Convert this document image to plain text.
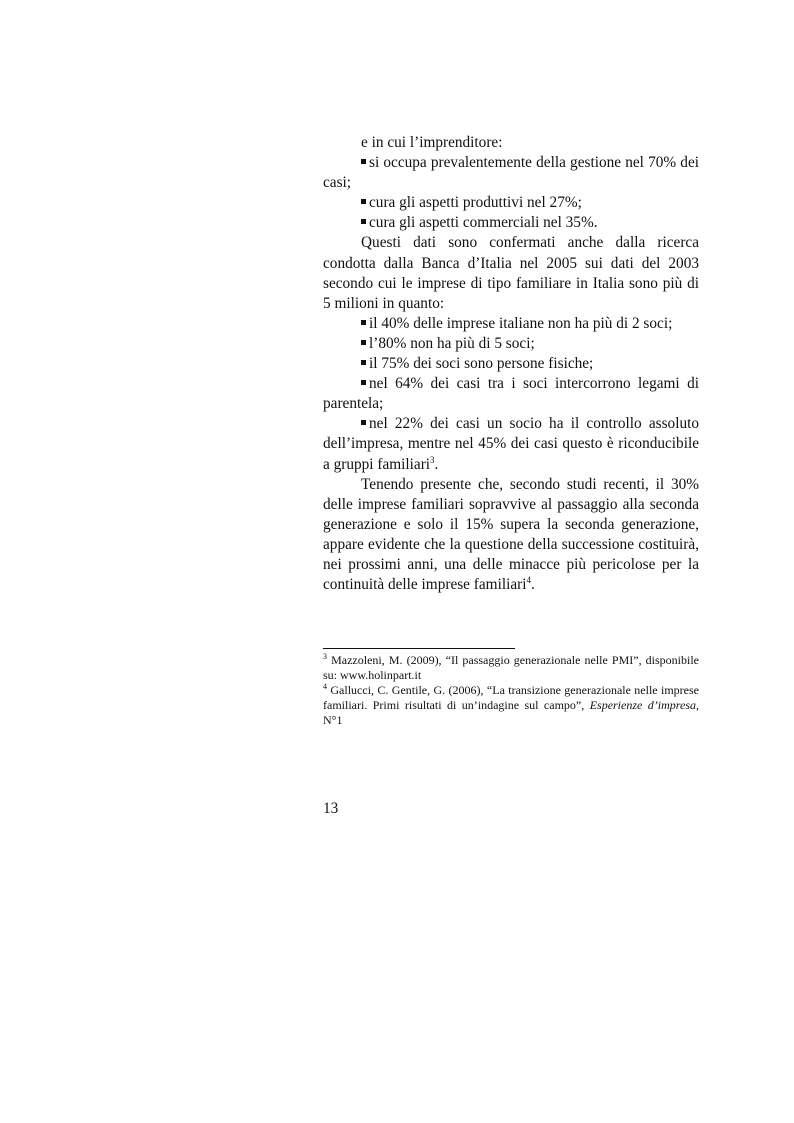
e in cui l’imprenditore:

si occupa prevalentemente della gestione nel 70% dei casi;

cura gli aspetti produttivi nel 27%;

cura gli aspetti commerciali nel 35%.

Questi dati sono confermati anche dalla ricerca condotta dalla Banca d’Italia nel 2005 sui dati del 2003 secondo cui le imprese di tipo familiare in Italia sono più di 5 milioni in quanto:

il 40% delle imprese italiane non ha più di 2 soci;

l’80% non ha più di 5 soci;

il 75% dei soci sono persone fisiche;

nel 64% dei casi tra i soci intercorrono legami di parentela;

nel 22% dei casi un socio ha il controllo assoluto dell’impresa, mentre nel 45% dei casi questo è riconducibile a gruppi familiari$^3$.

Tenendo presente che, secondo studi recenti, il 30% delle imprese familiari sopravvive al passaggio alla seconda generazione e solo il 15% supera la seconda generazione, appare evidente che la questione della successione costituirà, nei prossimi anni, una delle minacce più pericolose per la continuità delle imprese familiari$^4$.

$^3$ Mazzoleni, M. (2009), “Il passaggio generazionale nelle PMI”, disponibile su: www.holinpart.it

$^4$ Gallucci, C. Gentile, G. (2006), “La transizione generazionale nelle imprese familiari. Primi risultati di un’indagine sul campo”, Esperienze d’impresa, N°1

13
